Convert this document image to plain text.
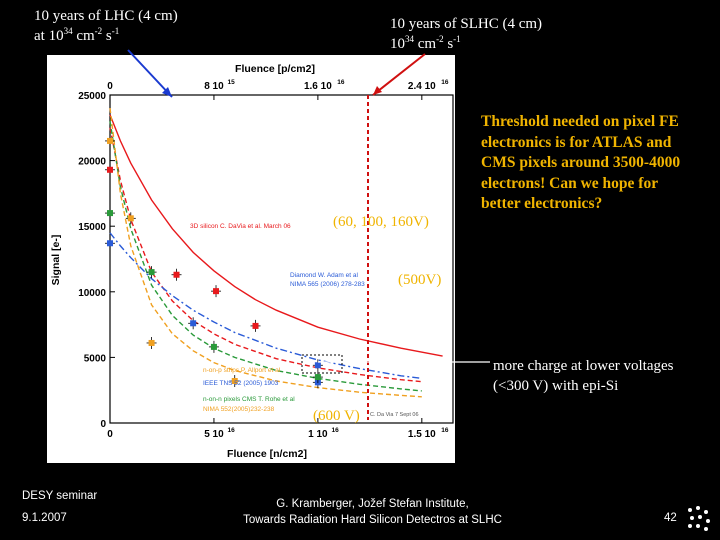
10 years of LHC (4 cm)
at $10^{34}$ $cm^{-2}$ $s^{-1}$	10 years of SLHC (4 cm)
$10^{34}$ $cm^{-2}$ $s^{-1}$
0
5000
10000
15000
20000
25000
0	5 10 16	1 10 16	1.5 10 16
0	8 10 15	1.6 10 16	2.4 10 16
Fluence [p/cm2]
Fluence [n/cm2]
Signal [e-]
3D silicon C. DaVia et al. March 06
Diamond W. Adam et al
NIMA 565 (2006) 278-283
n-on-p strips P. Allport et al
IEEE TNS 52 (2005) 1903
n-on-n pixels CMS T. Rohe et al
NIMA 552(2005)232-238
C. Da Via 7 Sept 06
(60, 100, 160V)
(500V)
(600 V)
Threshold needed on pixel FE electronics is for ATLAS and CMS pixels around 3500-4000 electrons! Can we hope for better electronics?
more charge at lower voltages (<300 V) with epi-Si
DESY seminar
9.1.2007
G. Kramberger, Jožef Stefan Institute,
Towards Radiation Hard Silicon Detectros at SLHC	42
